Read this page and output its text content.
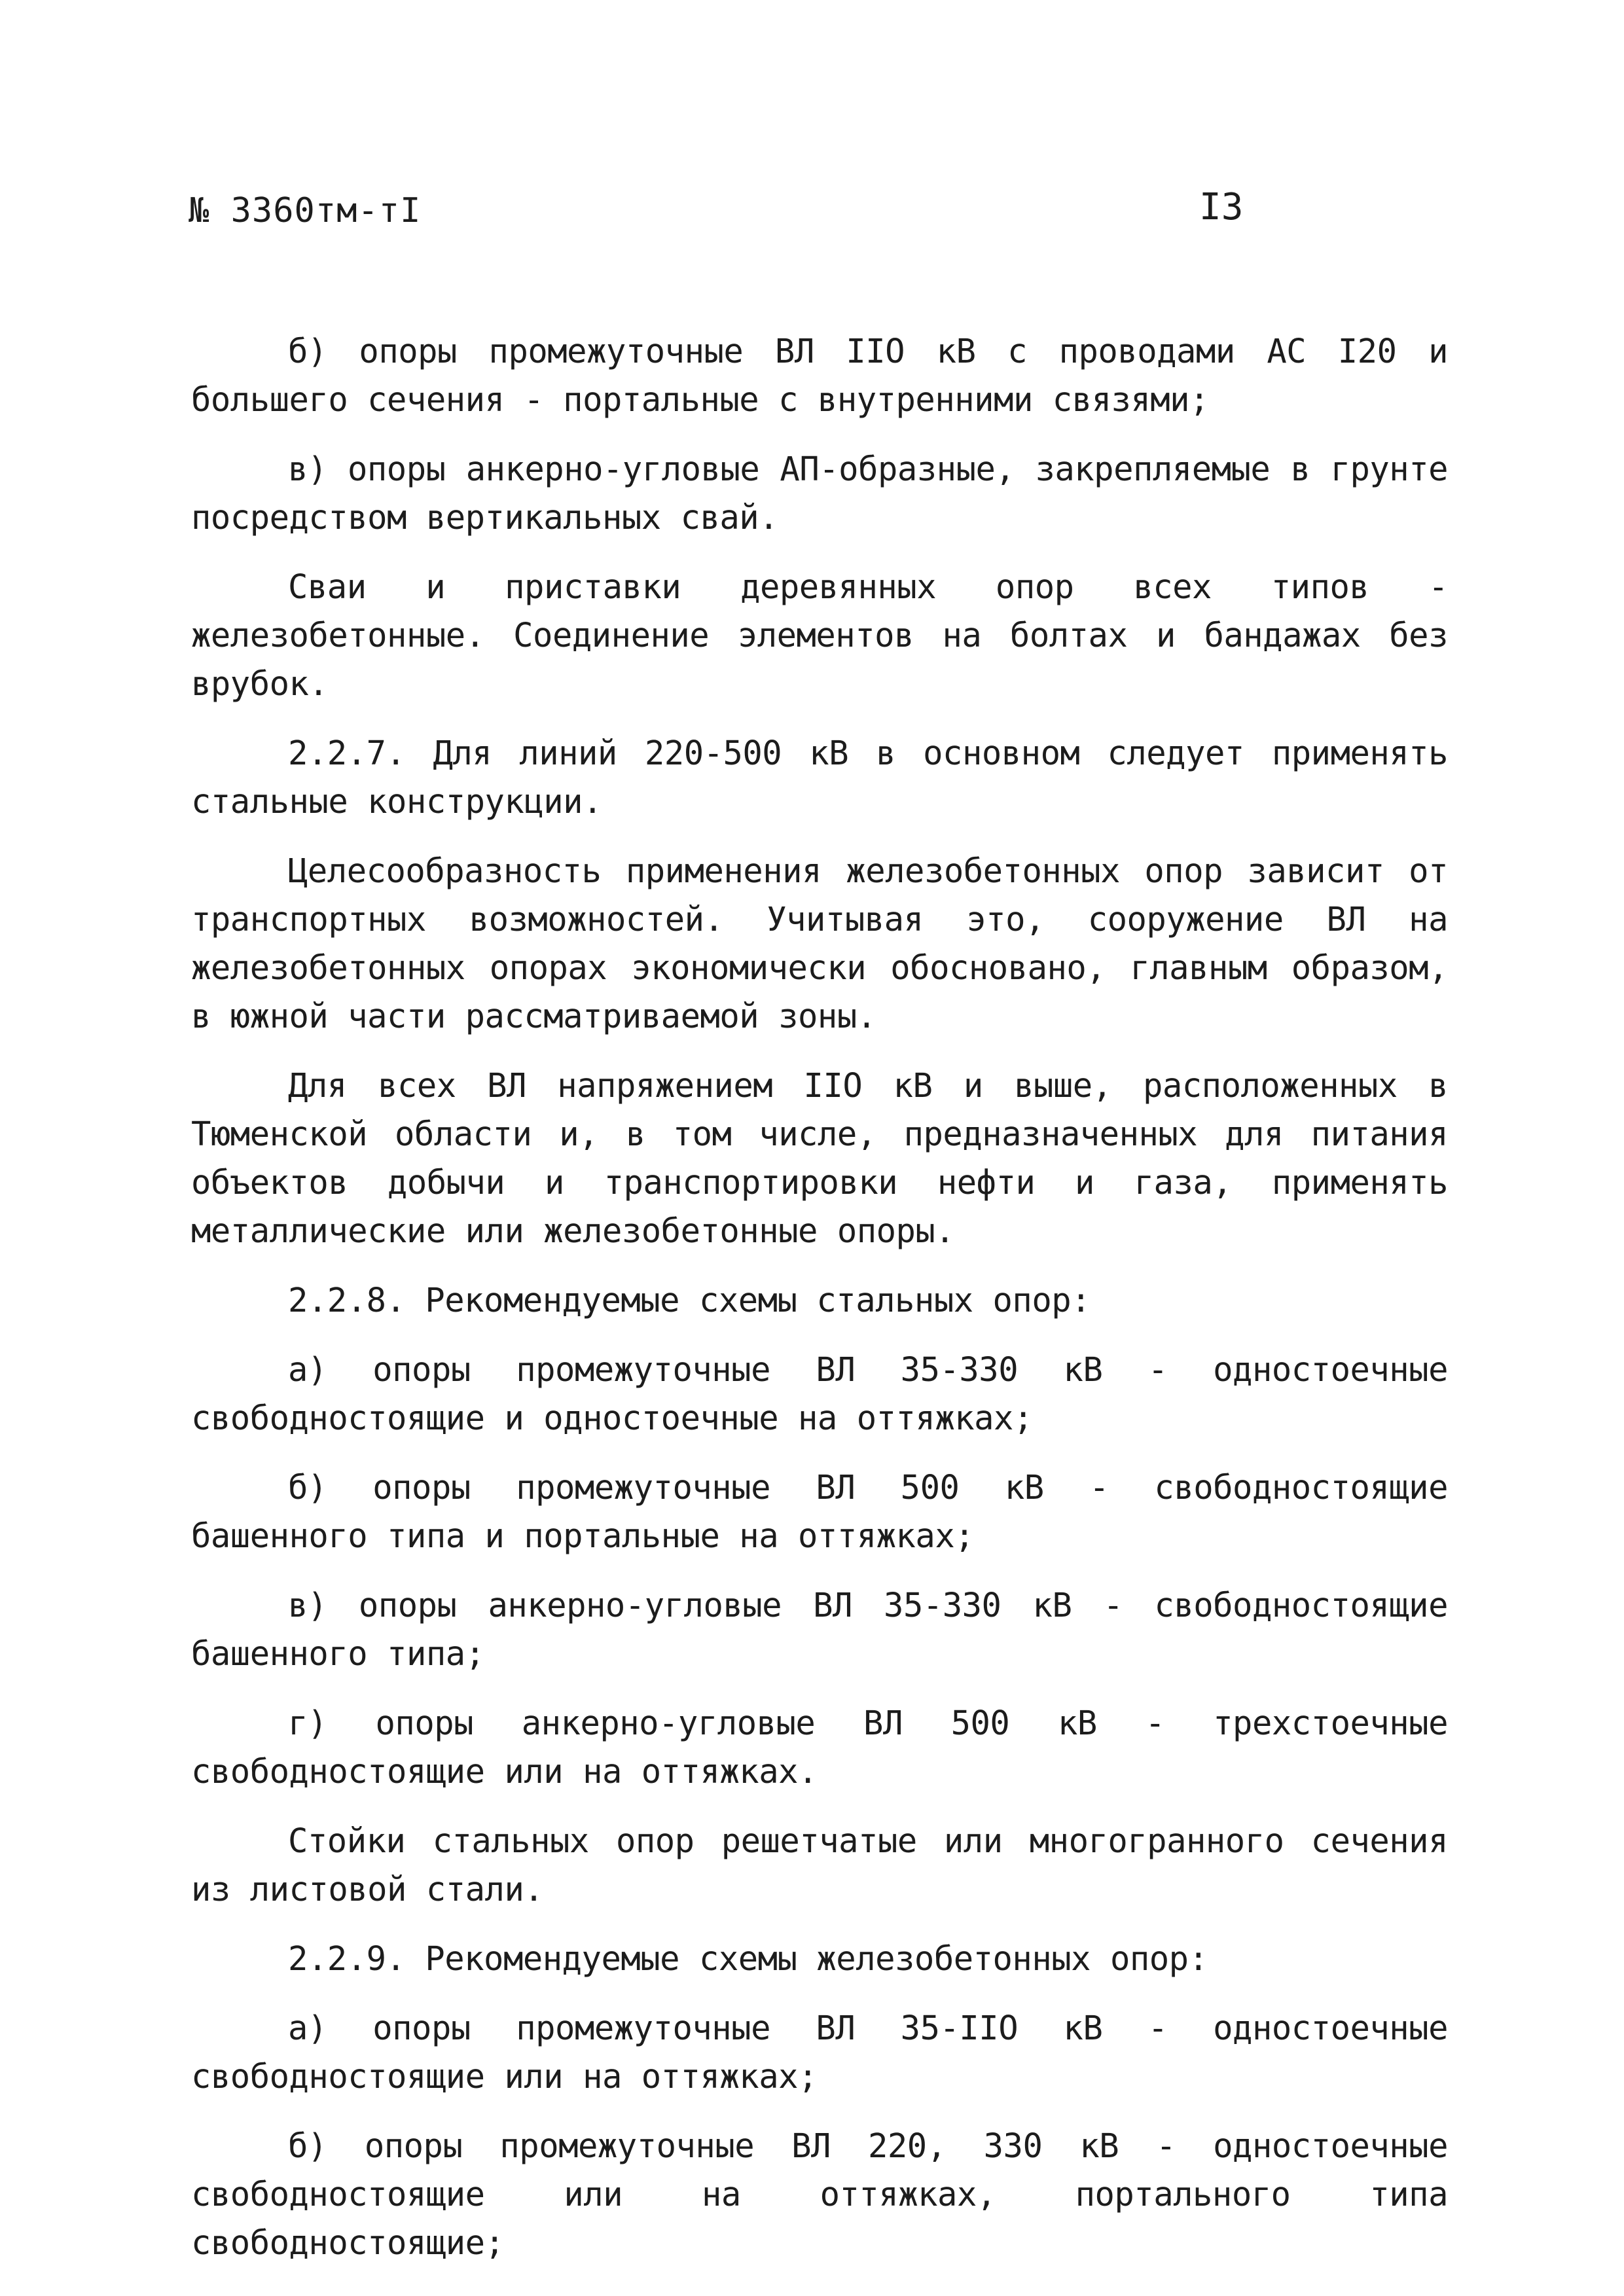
№ 3360тм-тI	I3

б) опоры промежуточные ВЛ IIO кВ с проводами АС I20 и большего сечения - портальные с внутренними связями;

в) опоры анкерно-угловые АП-образные, закрепляемые в грунте посредством вертикальных свай.

Сваи и приставки деревянных опор всех типов - железобетонные. Соединение элементов на болтах и бандажах без врубок.

2.2.7. Для линий 220-500 кВ в основном следует применять стальные конструкции.

Целесообразность применения железобетонных опор зависит от транспортных возможностей. Учитывая это, сооружение ВЛ на железобетонных опорах экономически обосновано, главным образом, в южной части рассматриваемой зоны.

Для всех ВЛ напряжением IIO кВ и выше, расположенных в Тюменской области и, в том числе, предназначенных для питания объектов добычи и транспортировки нефти и газа, применять металлические или железобетонные опоры.

2.2.8. Рекомендуемые схемы стальных опор:

а) опоры промежуточные ВЛ 35-330 кВ - одностоечные свободностоящие и одностоечные на оттяжках;

б) опоры промежуточные ВЛ 500 кВ - свободностоящие башенного типа и портальные на оттяжках;

в) опоры анкерно-угловые ВЛ 35-330 кВ - свободностоящие башенного типа;

г) опоры анкерно-угловые ВЛ 500 кВ - трехстоечные свободностоящие или на оттяжках.

Стойки стальных опор решетчатые или многогранного сечения из листовой стали.

2.2.9. Рекомендуемые схемы железобетонных опор:

а) опоры промежуточные ВЛ 35-IIO кВ - одностоечные свободностоящие или на оттяжках;

б) опоры промежуточные ВЛ 220, 330 кВ - одностоечные свободностоящие или на оттяжках, портального типа свободностоящие;
